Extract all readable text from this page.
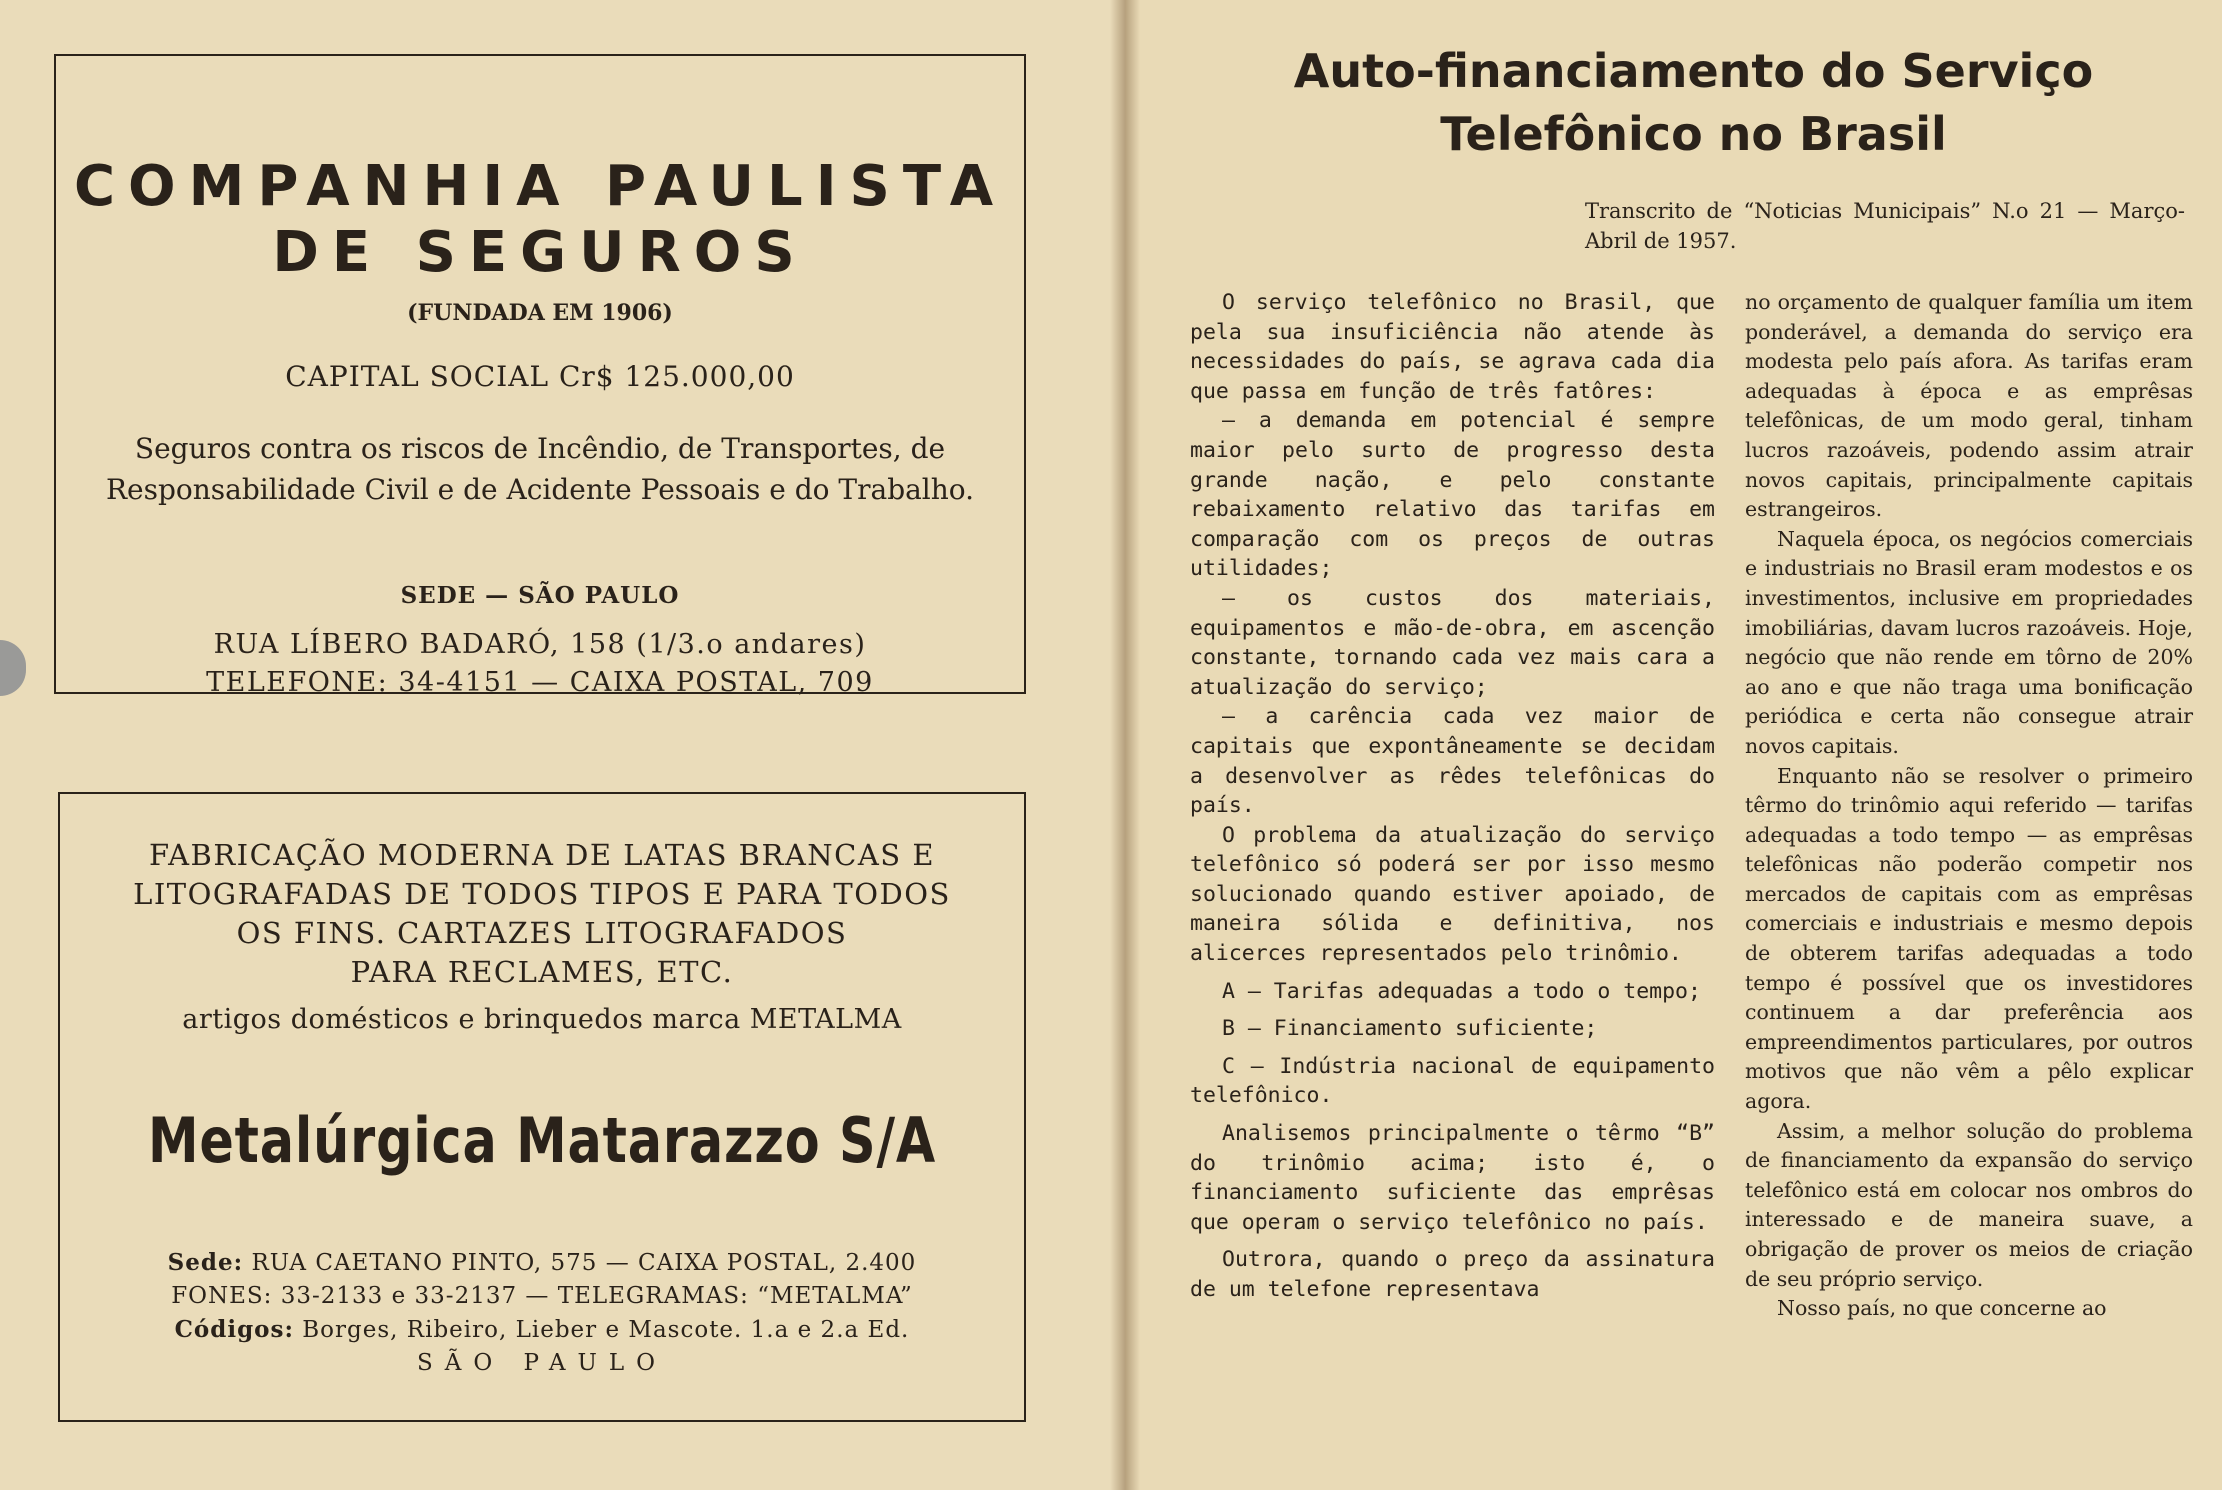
COMPANHIA PAULISTA
DE SEGUROS
(FUNDADA EM 1906)
CAPITAL SOCIAL Cr$ 125.000,00
Seguros contra os riscos de Incêndio, de Transportes, de Responsabilidade Civil e de Acidente Pessoais e do Trabalho.
SEDE — SÃO PAULO
RUA LÍBERO BADARÓ, 158 (1/3.o andares)
TELEFONE: 34-4151 — CAIXA POSTAL, 709
FABRICAÇÃO MODERNA DE LATAS BRANCAS E
LITOGRAFADAS DE TODOS TIPOS E PARA TODOS
OS FINS. CARTAZES LITOGRAFADOS
PARA RECLAMES, ETC.
artigos domésticos e brinquedos marca METALMA
Metalúrgica Matarazzo S/A
Sede: RUA CAETANO PINTO, 575 — CAIXA POSTAL, 2.400
FONES: 33-2133 e 33-2137 — TELEGRAMAS: “METALMA”
Códigos: Borges, Ribeiro, Lieber e Mascote. 1.a e 2.a Ed.
SÃO PAULO
Auto-financiamento do Serviço
Telefônico no Brasil
Transcrito de “Noticias Municipais” N.o 21 — Março-Abril de 1957.

O serviço telefônico no Brasil, que pela sua insuficiência não atende às necessidades do país, se agrava cada dia que passa em função de três fatôres:

— a demanda em potencial é sempre maior pelo surto de progresso desta grande nação, e pelo constante rebaixamento relativo das tarifas em comparação com os preços de outras utilidades;

— os custos dos materiais, equipamentos e mão-de-obra, em ascenção constante, tornando cada vez mais cara a atualização do serviço;

— a carência cada vez maior de capitais que expontâneamente se decidam a desenvolver as rêdes telefônicas do país.

O problema da atualização do serviço telefônico só poderá ser por isso mesmo solucionado quando estiver apoiado, de maneira sólida e definitiva, nos alicerces representados pelo trinômio.

A — Tarifas adequadas a todo o tempo;

B — Financiamento suficiente;

C — Indústria nacional de equipamento telefônico.

Analisemos principalmente o têrmo “B” do trinômio acima; isto é, o financiamento suficiente das emprêsas que operam o serviço telefônico no país.

Outrora, quando o preço da assinatura de um telefone representava

no orçamento de qualquer família um item ponderável, a demanda do serviço era modesta pelo país afora. As tarifas eram adequadas à época e as emprêsas telefônicas, de um modo geral, tinham lucros razoáveis, podendo assim atrair novos capitais, principalmente capitais estrangeiros.

Naquela época, os negócios comerciais e industriais no Brasil eram modestos e os investimentos, inclusive em propriedades imobiliárias, davam lucros razoáveis. Hoje, negócio que não rende em tôrno de 20% ao ano e que não traga uma bonificação periódica e certa não consegue atrair novos capitais.

Enquanto não se resolver o primeiro têrmo do trinômio aqui referido — tarifas adequadas a todo tempo — as emprêsas telefônicas não poderão competir nos mercados de capitais com as emprêsas comerciais e industriais e mesmo depois de obterem tarifas adequadas a todo tempo é possível que os investidores continuem a dar preferência aos empreendimentos particulares, por outros motivos que não vêm a pêlo explicar agora.

Assim, a melhor solução do problema de financiamento da expansão do serviço telefônico está em colocar nos ombros do interessado e de maneira suave, a obrigação de prover os meios de criação de seu próprio serviço.

Nosso país, no que concerne ao
